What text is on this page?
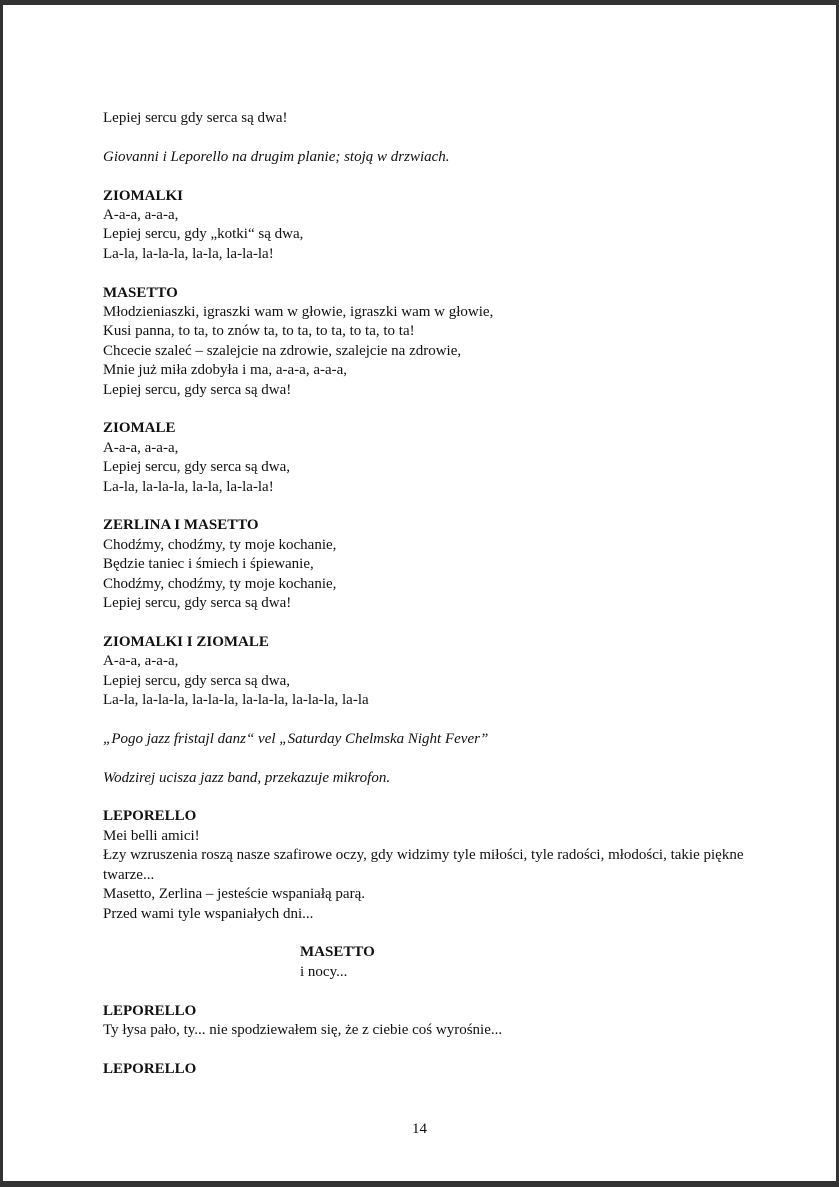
Lepiej sercu gdy serca są dwa!

Giovanni i Leporello na drugim planie; stoją w drzwiach.

ZIOMALKI

A-a-a, a-a-a,

Lepiej sercu, gdy „kotki“ są dwa,

La-la, la-la-la, la-la, la-la-la!

MASETTO

Młodzieniaszki, igraszki wam w głowie, igraszki wam w głowie,

Kusi panna, to ta, to znów ta, to ta, to ta, to ta, to ta!

Chcecie szaleć – szalejcie na zdrowie, szalejcie na zdrowie,

Mnie już miła zdobyła i ma, a-a-a, a-a-a,

Lepiej sercu, gdy serca są dwa!

ZIOMALE

A-a-a, a-a-a,

Lepiej sercu, gdy serca są dwa,

La-la, la-la-la, la-la, la-la-la!

ZERLINA I MASETTO

Chodźmy, chodźmy, ty moje kochanie,

Będzie taniec i śmiech i śpiewanie,

Chodźmy, chodźmy, ty moje kochanie,

Lepiej sercu, gdy serca są dwa!

ZIOMALKI I ZIOMALE

A-a-a, a-a-a,

Lepiej sercu, gdy serca są dwa,

La-la, la-la-la, la-la-la, la-la-la, la-la-la, la-la

„Pogo jazz fristajl danz“ vel „Saturday Chelmska Night Fever”

Wodzirej ucisza jazz band, przekazuje mikrofon.

LEPORELLO

Mei belli amici!

Łzy wzruszenia roszą nasze szafirowe oczy, gdy widzimy tyle miłości, tyle radości, młodości, takie piękne twarze...

Masetto, Zerlina – jesteście wspaniałą parą.

Przed wami tyle wspaniałych dni...

MASETTO

i nocy...

LEPORELLO

Ty łysa pało, ty... nie spodziewałem się, że z ciebie coś wyrośnie...

LEPORELLO

14
